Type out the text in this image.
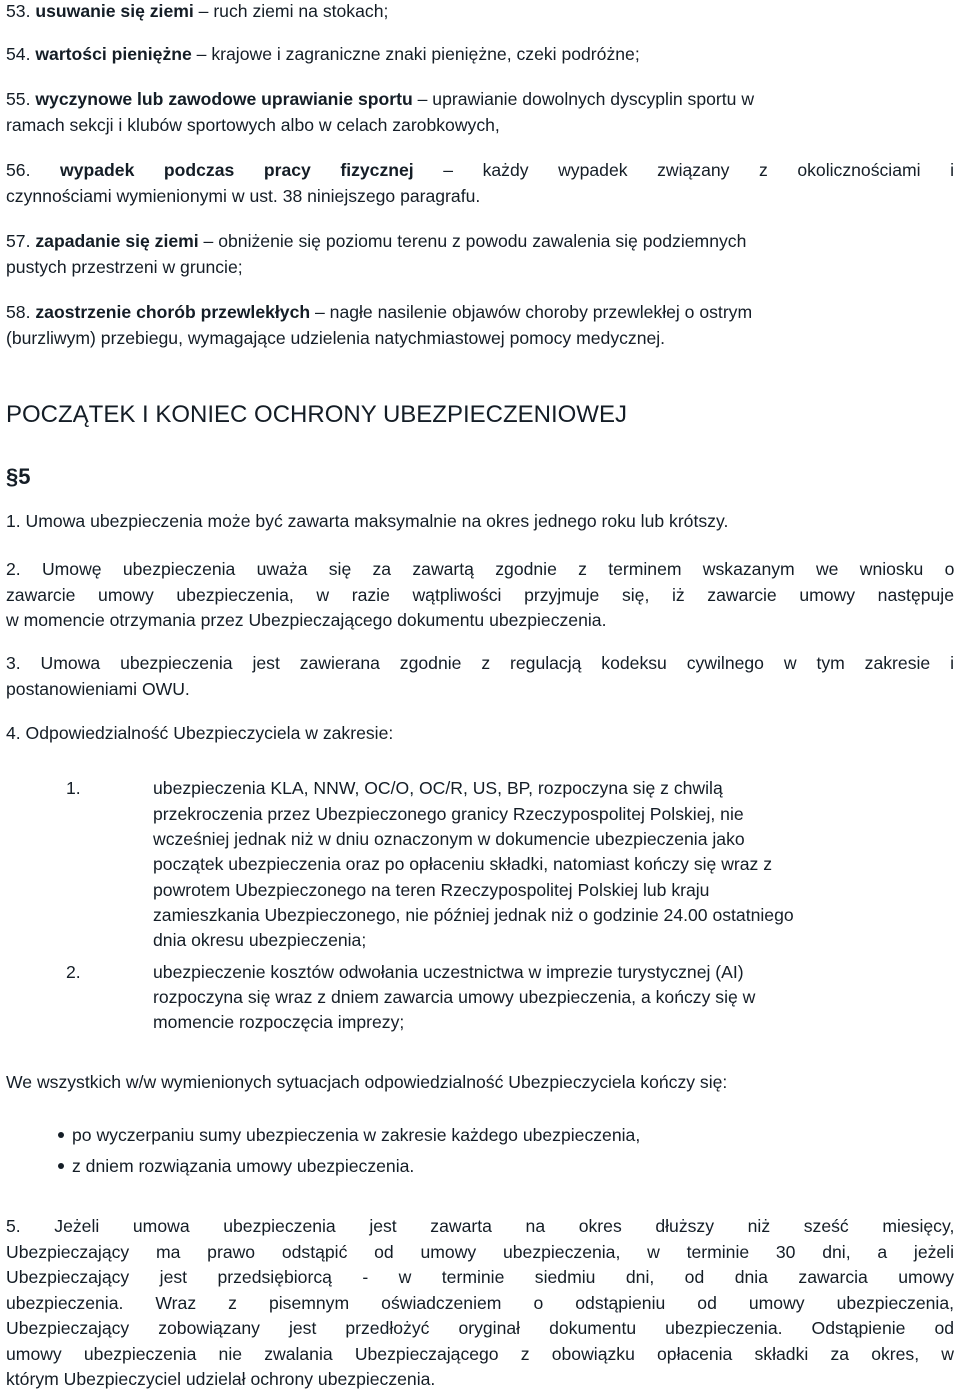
53. usuwanie się ziemi – ruch ziemi na stokach;
54. wartości pieniężne – krajowe i zagraniczne znaki pieniężne, czeki podróżne;
55. wyczynowe lub zawodowe uprawianie sportu – uprawianie dowolnych dyscyplin sportu w
ramach sekcji i klubów sportowych albo w celach zarobkowych,
56. wypadek podczas pracy fizycznej – każdy wypadek związany z okolicznościami i
czynnościami wymienionymi w ust. 38 niniejszego paragrafu.
57. zapadanie się ziemi – obniżenie się poziomu terenu z powodu zawalenia się podziemnych
pustych przestrzeni w gruncie;
58. zaostrzenie chorób przewlekłych – nagłe nasilenie objawów choroby przewlekłej o ostrym
(burzliwym) przebiegu, wymagające udzielenia natychmiastowej pomocy medycznej.
POCZĄTEK I KONIEC OCHRONY UBEZPIECZENIOWEJ
§5
1. Umowa ubezpieczenia może być zawarta maksymalnie na okres jednego roku lub krótszy.
2. Umowę ubezpieczenia uważa się za zawartą zgodnie z terminem wskazanym we wniosku o
zawarcie umowy ubezpieczenia, w razie wątpliwości przyjmuje się, iż zawarcie umowy następuje
w momencie otrzymania przez Ubezpieczającego dokumentu ubezpieczenia.
3. Umowa ubezpieczenia jest zawierana zgodnie z regulacją kodeksu cywilnego w tym zakresie i
postanowieniami OWU.
4. Odpowiedzialność Ubezpieczyciela w zakresie:
1.	ubezpieczenia KLA, NNW, OC/O, OC/R, US, BP, rozpoczyna się z chwilą
przekroczenia przez Ubezpieczonego granicy Rzeczypospolitej Polskiej, nie
wcześniej jednak niż w dniu oznaczonym w dokumencie ubezpieczenia jako
początek ubezpieczenia oraz po opłaceniu składki, natomiast kończy się wraz z
powrotem Ubezpieczonego na teren Rzeczypospolitej Polskiej lub kraju
zamieszkania Ubezpieczonego, nie później jednak niż o godzinie 24.00 ostatniego
dnia okresu ubezpieczenia;
2.	ubezpieczenie kosztów odwołania uczestnictwa w imprezie turystycznej (AI)
rozpoczyna się wraz z dniem zawarcia umowy ubezpieczenia, a kończy się w
momencie rozpoczęcia imprezy;
We wszystkich w/w wymienionych sytuacjach odpowiedzialność Ubezpieczyciela kończy się:
po wyczerpaniu sumy ubezpieczenia w zakresie każdego ubezpieczenia,
z dniem rozwiązania umowy ubezpieczenia.
5. Jeżeli umowa ubezpieczenia jest zawarta na okres dłuższy niż sześć miesięcy,
Ubezpieczający ma prawo odstąpić od umowy ubezpieczenia, w terminie 30 dni, a jeżeli
Ubezpieczający jest przedsiębiorcą - w terminie siedmiu dni, od dnia zawarcia umowy
ubezpieczenia. Wraz z pisemnym oświadczeniem o odstąpieniu od umowy ubezpieczenia,
Ubezpieczający zobowiązany jest przedłożyć oryginał dokumentu ubezpieczenia. Odstąpienie od
umowy ubezpieczenia nie zwalania Ubezpieczającego z obowiązku opłacenia składki za okres, w
którym Ubezpieczyciel udzielał ochrony ubezpieczenia.
